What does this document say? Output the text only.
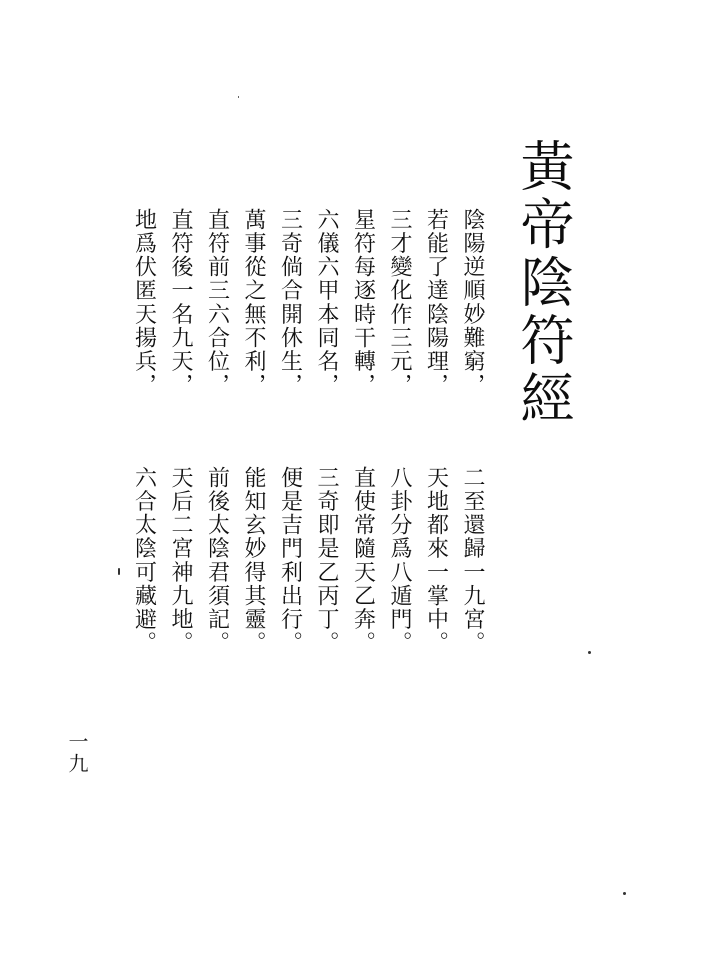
黃帝陰符經
陰陽逆順妙難窮，
若能了達陰陽理，
三才變化作三元，
星符每逐時干轉，
六儀六甲本同名，
三奇倘合開休生，
萬事從之無不利，
直符前三六合位，
直符後一名九天，
地爲伏匿天揚兵，
二至還歸一九宮。
天地都來一掌中。
八卦分爲八遁門。
直使常隨天乙奔。
三奇即是乙丙丁。
便是吉門利出行。
能知玄妙得其靈。
前後太陰君須記。
天后二宮神九地。
六合太陰可藏避。
一九
